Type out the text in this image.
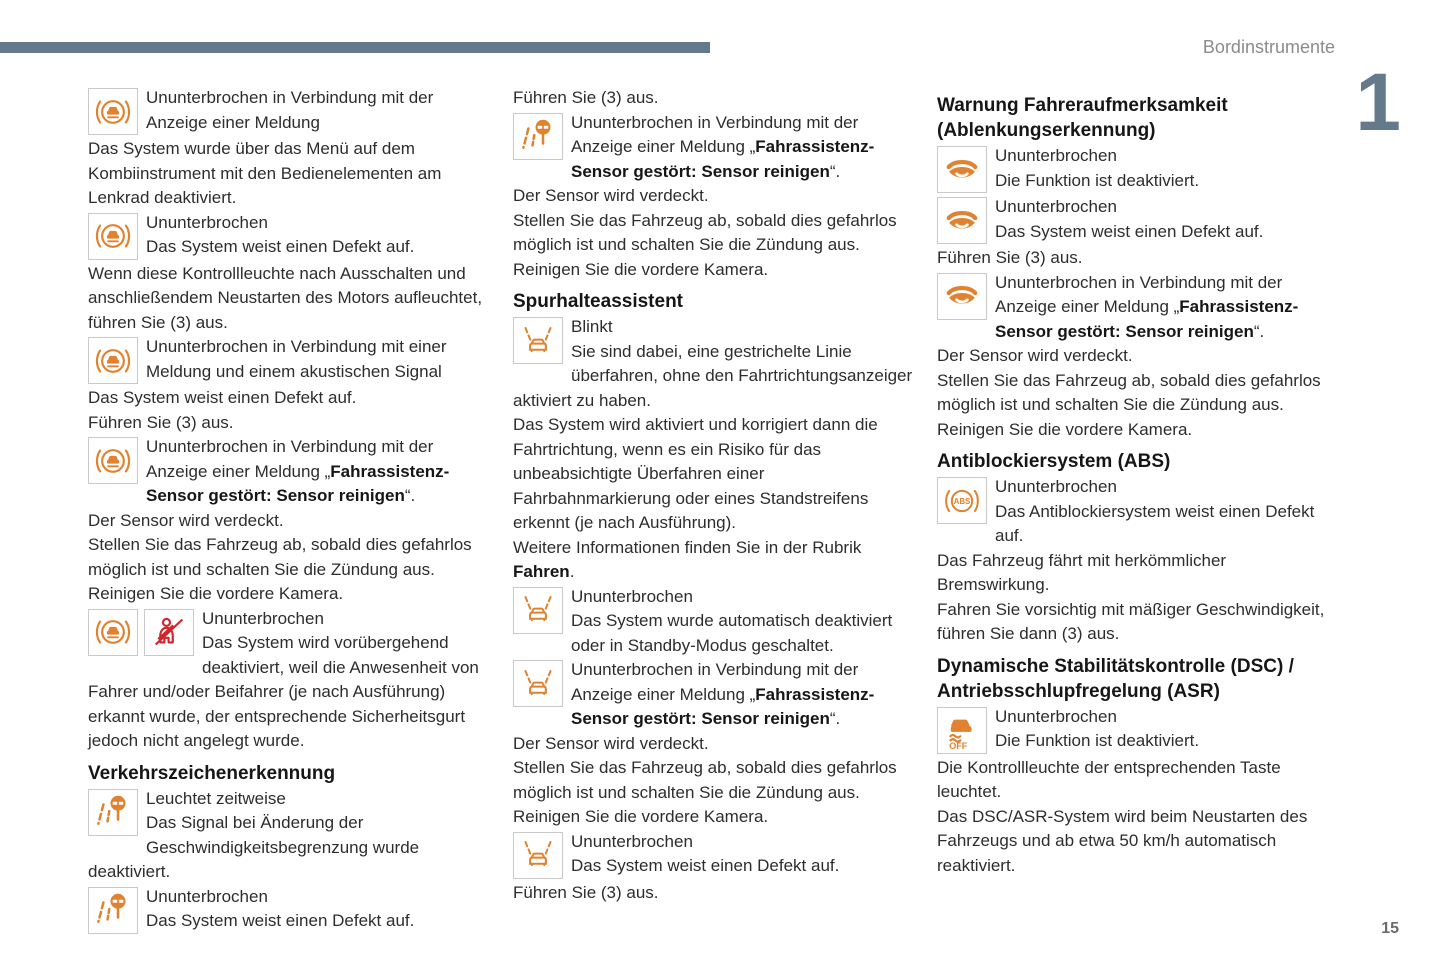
Bordinstrumente
1
Ununterbrochen in Verbindung mit der
Anzeige einer Meldung
Das System wurde über das Menü auf dem Kombiinstrument mit den Bedienelementen am Lenkrad deaktiviert.
Ununterbrochen
Das System weist einen Defekt auf.
Wenn diese Kontrollleuchte nach Ausschalten und anschließendem Neustarten des Motors aufleuchtet, führen Sie (3) aus.
Ununterbrochen in Verbindung mit einer
Meldung und einem akustischen Signal
Das System weist einen Defekt auf.
Führen Sie (3) aus.
Ununterbrochen in Verbindung mit der
Anzeige einer Meldung „Fahrassistenz-Sensor gestört: Sensor reinigen“.
Der Sensor wird verdeckt.
Stellen Sie das Fahrzeug ab, sobald dies gefahrlos möglich ist und schalten Sie die Zündung aus.
Reinigen Sie die vordere Kamera.
Ununterbrochen
Das System wird vorübergehend deaktiviert, weil die Anwesenheit von Fahrer und/oder Beifahrer (je nach Ausführung) erkannt wurde, der entsprechende Sicherheitsgurt jedoch nicht angelegt wurde.
Verkehrszeichenerkennung
Leuchtet zeitweise
Das Signal bei Änderung der Geschwindigkeitsbegrenzung wurde deaktiviert.
Ununterbrochen
Das System weist einen Defekt auf.
Führen Sie (3) aus.
Ununterbrochen in Verbindung mit der
Anzeige einer Meldung „Fahrassistenz-Sensor gestört: Sensor reinigen“.
Der Sensor wird verdeckt.
Stellen Sie das Fahrzeug ab, sobald dies gefahrlos möglich ist und schalten Sie die Zündung aus.
Reinigen Sie die vordere Kamera.
Spurhalteassistent
Blinkt
Sie sind dabei, eine gestrichelte Linie überfahren, ohne den Fahrtrichtungsanzeiger aktiviert zu haben.
Das System wird aktiviert und korrigiert dann die Fahrtrichtung, wenn es ein Risiko für das unbeabsichtigte Überfahren einer Fahrbahnmarkierung oder eines Standstreifens erkennt (je nach Ausführung).
Weitere Informationen finden Sie in der Rubrik Fahren.
Ununterbrochen
Das System wurde automatisch deaktiviert oder in Standby-Modus geschaltet.
Ununterbrochen in Verbindung mit der
Anzeige einer Meldung „Fahrassistenz-Sensor gestört: Sensor reinigen“.
Der Sensor wird verdeckt.
Stellen Sie das Fahrzeug ab, sobald dies gefahrlos möglich ist und schalten Sie die Zündung aus.
Reinigen Sie die vordere Kamera.
Ununterbrochen
Das System weist einen Defekt auf.
Führen Sie (3) aus.
Warnung Fahreraufmerksamkeit (Ablenkungserkennung)
Ununterbrochen
Die Funktion ist deaktiviert.
Ununterbrochen
Das System weist einen Defekt auf.
Führen Sie (3) aus.
Ununterbrochen in Verbindung mit der
Anzeige einer Meldung „Fahrassistenz-Sensor gestört: Sensor reinigen“.
Der Sensor wird verdeckt.
Stellen Sie das Fahrzeug ab, sobald dies gefahrlos möglich ist und schalten Sie die Zündung aus.
Reinigen Sie die vordere Kamera.
Antiblockiersystem (ABS)
ABS
Ununterbrochen
Das Antiblockiersystem weist einen Defekt auf.
Das Fahrzeug fährt mit herkömmlicher Bremswirkung.
Fahren Sie vorsichtig mit mäßiger Geschwindigkeit, führen Sie dann (3) aus.
Dynamische Stabilitätskontrolle (DSC) / Antriebsschlupfregelung (ASR)
OFF
Ununterbrochen
Die Funktion ist deaktiviert.
Die Kontrollleuchte der entsprechenden Taste leuchtet.
Das DSC/ASR-System wird beim Neustarten des Fahrzeugs und ab etwa 50 km/h automatisch reaktiviert.
15
